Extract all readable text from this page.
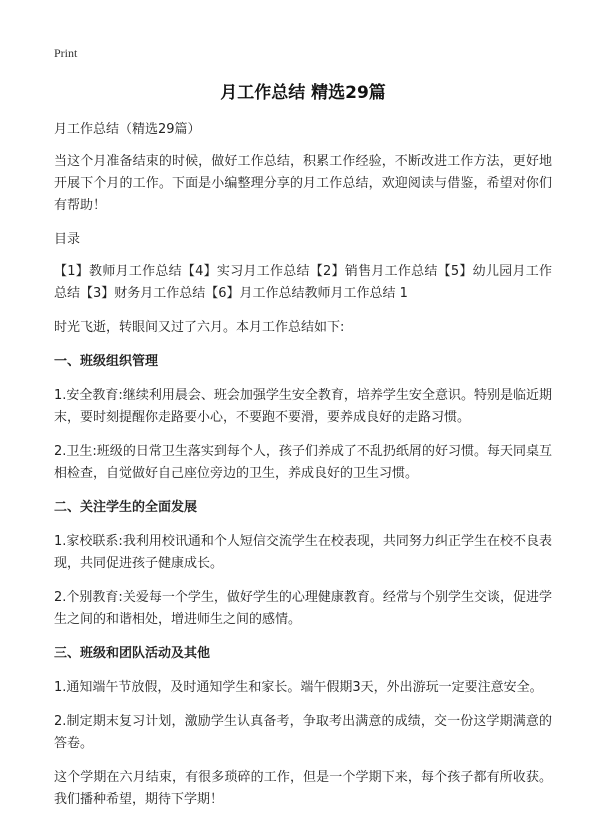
Print
月工作总结 精选29篇

月工作总结（精选29篇）

当这个月准备结束的时候，做好工作总结，积累工作经验，不断改进工作方法，更好地开展下个月的工作。下面是小编整理分享的月工作总结，欢迎阅读与借鉴，希望对你们有帮助！

目录

【1】教师月工作总结【4】实习月工作总结【2】销售月工作总结【5】幼儿园月工作总结【3】财务月工作总结【6】月工作总结教师月工作总结 1

时光飞逝，转眼间又过了六月。本月工作总结如下:

一、班级组织管理

1.安全教育:继续利用晨会、班会加强学生安全教育，培养学生安全意识。特别是临近期末，要时刻提醒你走路要小心，不要跑不要滑，要养成良好的走路习惯。

2.卫生:班级的日常卫生落实到每个人，孩子们养成了不乱扔纸屑的好习惯。每天同桌互相检查，自觉做好自己座位旁边的卫生，养成良好的卫生习惯。

二、关注学生的全面发展

1.家校联系:我利用校讯通和个人短信交流学生在校表现，共同努力纠正学生在校不良表现，共同促进孩子健康成长。

2.个别教育:关爱每一个学生，做好学生的心理健康教育。经常与个别学生交谈，促进学生之间的和谐相处，增进师生之间的感情。

三、班级和团队活动及其他

1.通知端午节放假，及时通知学生和家长。端午假期3天，外出游玩一定要注意安全。

2.制定期末复习计划，激励学生认真备考，争取考出满意的成绩，交一份这学期满意的答卷。

这个学期在六月结束，有很多琐碎的工作，但是一个学期下来，每个孩子都有所收获。我们播种希望，期待下学期！
